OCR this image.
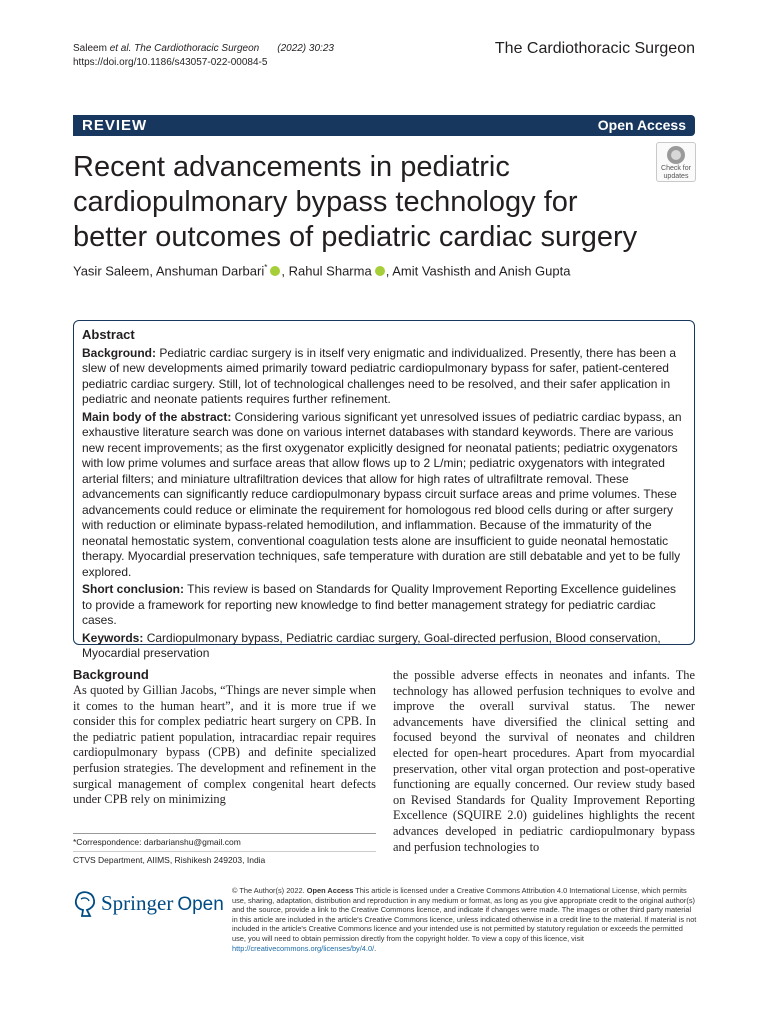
Saleem et al. The Cardiothoracic Surgeon (2022) 30:23
https://doi.org/10.1186/s43057-022-00084-5
The Cardiothoracic Surgeon
REVIEW	Open Access
Recent advancements in pediatric cardiopulmonary bypass technology for better outcomes of pediatric cardiac surgery
Check for
updates
Yasir Saleem, Anshuman Darbari* , Rahul Sharma , Amit Vashisth and Anish Gupta
Abstract

Background: Pediatric cardiac surgery is in itself very enigmatic and individualized. Presently, there has been a slew of new developments aimed primarily toward pediatric cardiopulmonary bypass for safer, patient-centered pediatric cardiac surgery. Still, lot of technological challenges need to be resolved, and their safer application in pediatric and neonate patients requires further refinement.

Main body of the abstract: Considering various significant yet unresolved issues of pediatric cardiac bypass, an exhaustive literature search was done on various internet databases with standard keywords. There are various new recent improvements; as the first oxygenator explicitly designed for neonatal patients; pediatric oxygenators with low prime volumes and surface areas that allow flows up to 2 L/min; pediatric oxygenators with integrated arterial filters; and miniature ultrafiltration devices that allow for high rates of ultrafiltrate removal. These advancements can significantly reduce cardiopulmonary bypass circuit surface areas and prime volumes. These advancements could reduce or eliminate the requirement for homologous red blood cells during or after surgery with reduction or eliminate bypass-related hemodilution, and inflammation. Because of the immaturity of the neonatal hemostatic system, conventional coagulation tests alone are insufficient to guide neonatal hemostatic therapy. Myocardial preservation techniques, safe temperature with duration are still debatable and yet to be fully explored.

Short conclusion: This review is based on Standards for Quality Improvement Reporting Excellence guidelines to provide a framework for reporting new knowledge to find better management strategy for pediatric cardiac cases.

Keywords: Cardiopulmonary bypass, Pediatric cardiac surgery, Goal-directed perfusion, Blood conservation, Myocardial preservation

Background
As quoted by Gillian Jacobs, “Things are never simple when it comes to the human heart”, and it is more true if we consider this for complex pediatric heart surgery on CPB. In the pediatric patient population, intracardiac repair requires cardiopulmonary bypass (CPB) and definite specialized perfusion strategies. The development and refinement in the surgical management of complex congenital heart defects under CPB rely on minimizing
the possible adverse effects in neonates and infants. The technology has allowed perfusion techniques to evolve and improve the overall survival status. The newer advancements have diversified the clinical setting and focused beyond the survival of neonates and children elected for open-heart procedures. Apart from myocardial preservation, other vital organ protection and post-operative functioning are equally concerned. Our review study based on Revised Standards for Quality Improvement Reporting Excellence (SQUIRE 2.0) guidelines highlights the recent advances developed in pediatric cardiopulmonary bypass and perfusion technologies to
*Correspondence: darbarianshu@gmail.com
CTVS Department, AIIMS, Rishikesh 249203, India
Springer Open
© The Author(s) 2022. Open Access This article is licensed under a Creative Commons Attribution 4.0 International License, which permits use, sharing, adaptation, distribution and reproduction in any medium or format, as long as you give appropriate credit to the original author(s) and the source, provide a link to the Creative Commons licence, and indicate if changes were made. The images or other third party material in this article are included in the article's Creative Commons licence, unless indicated otherwise in a credit line to the material. If material is not included in the article's Creative Commons licence and your intended use is not permitted by statutory regulation or exceeds the permitted use, you will need to obtain permission directly from the copyright holder. To view a copy of this licence, visit http://creativecommons.org/licenses/by/4.0/.
